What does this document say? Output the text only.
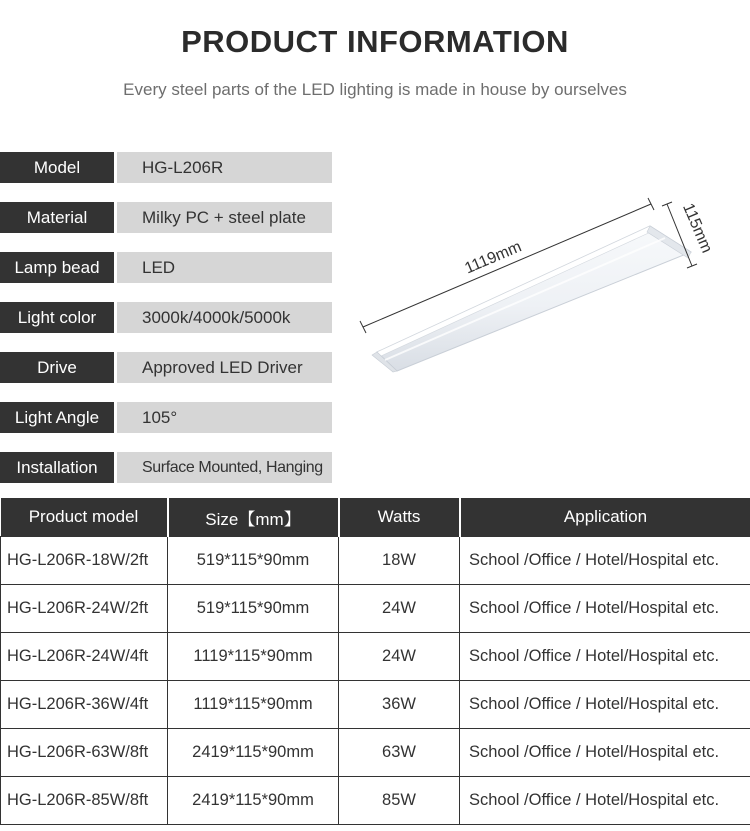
PRODUCT INFORMATION

Every steel parts of the LED lighting is made in house by ourselves

Model	HG-L206R
Material	Milky PC + steel plate
Lamp bead	LED
Light color	3000k/4000k/5000k
Drive	Approved LED Driver
Light Angle	105°
Installation	Surface Mounted, Hanging
1119mm
115mm
Product model	Size【mm】	Watts	Application
HG-L206R-18W/2ft	519*115*90mm	18W	School /Office / Hotel/Hospital etc.
HG-L206R-24W/2ft	519*115*90mm	24W	School /Office / Hotel/Hospital etc.
HG-L206R-24W/4ft	1119*115*90mm	24W	School /Office / Hotel/Hospital etc.
HG-L206R-36W/4ft	1119*115*90mm	36W	School /Office / Hotel/Hospital etc.
HG-L206R-63W/8ft	2419*115*90mm	63W	School /Office / Hotel/Hospital etc.
HG-L206R-85W/8ft	2419*115*90mm	85W	School /Office / Hotel/Hospital etc.
